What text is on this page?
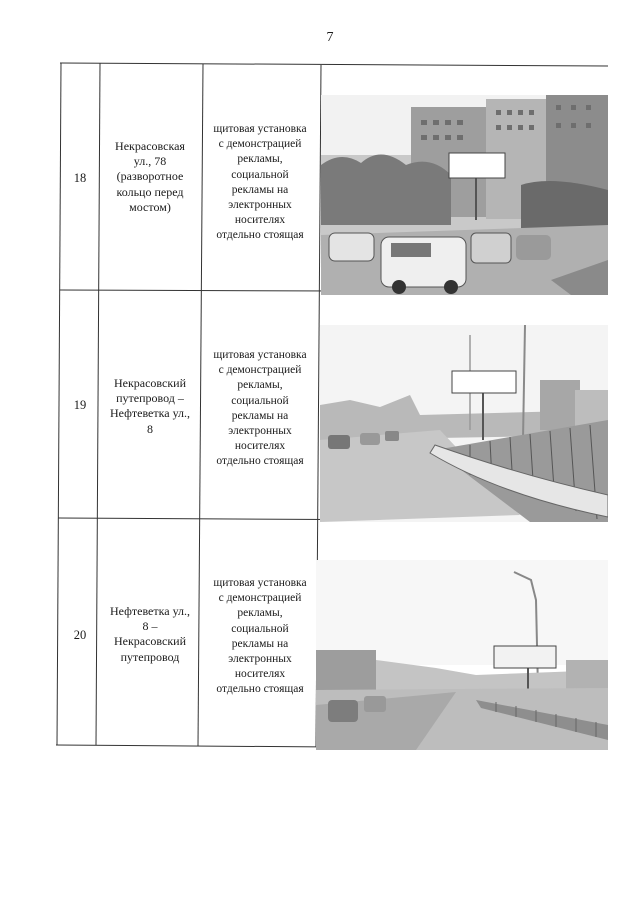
7
18
Некрасовская
ул., 78
(разворотное
кольцо перед
мостом)
щитовая установка
с демонстрацией
рекламы,
социальной
рекламы на
электронных
носителях
отдельно стоящая
19
Некрасовский
путепровод –
Нефтеветка ул.,
8
щитовая установка
с демонстрацией
рекламы,
социальной
рекламы на
электронных
носителях
отдельно стоящая
20
Нефтеветка ул.,
8 –
Некрасовский
путепровод
щитовая установка
с демонстрацией
рекламы,
социальной
рекламы на
электронных
носителях
отдельно стоящая
